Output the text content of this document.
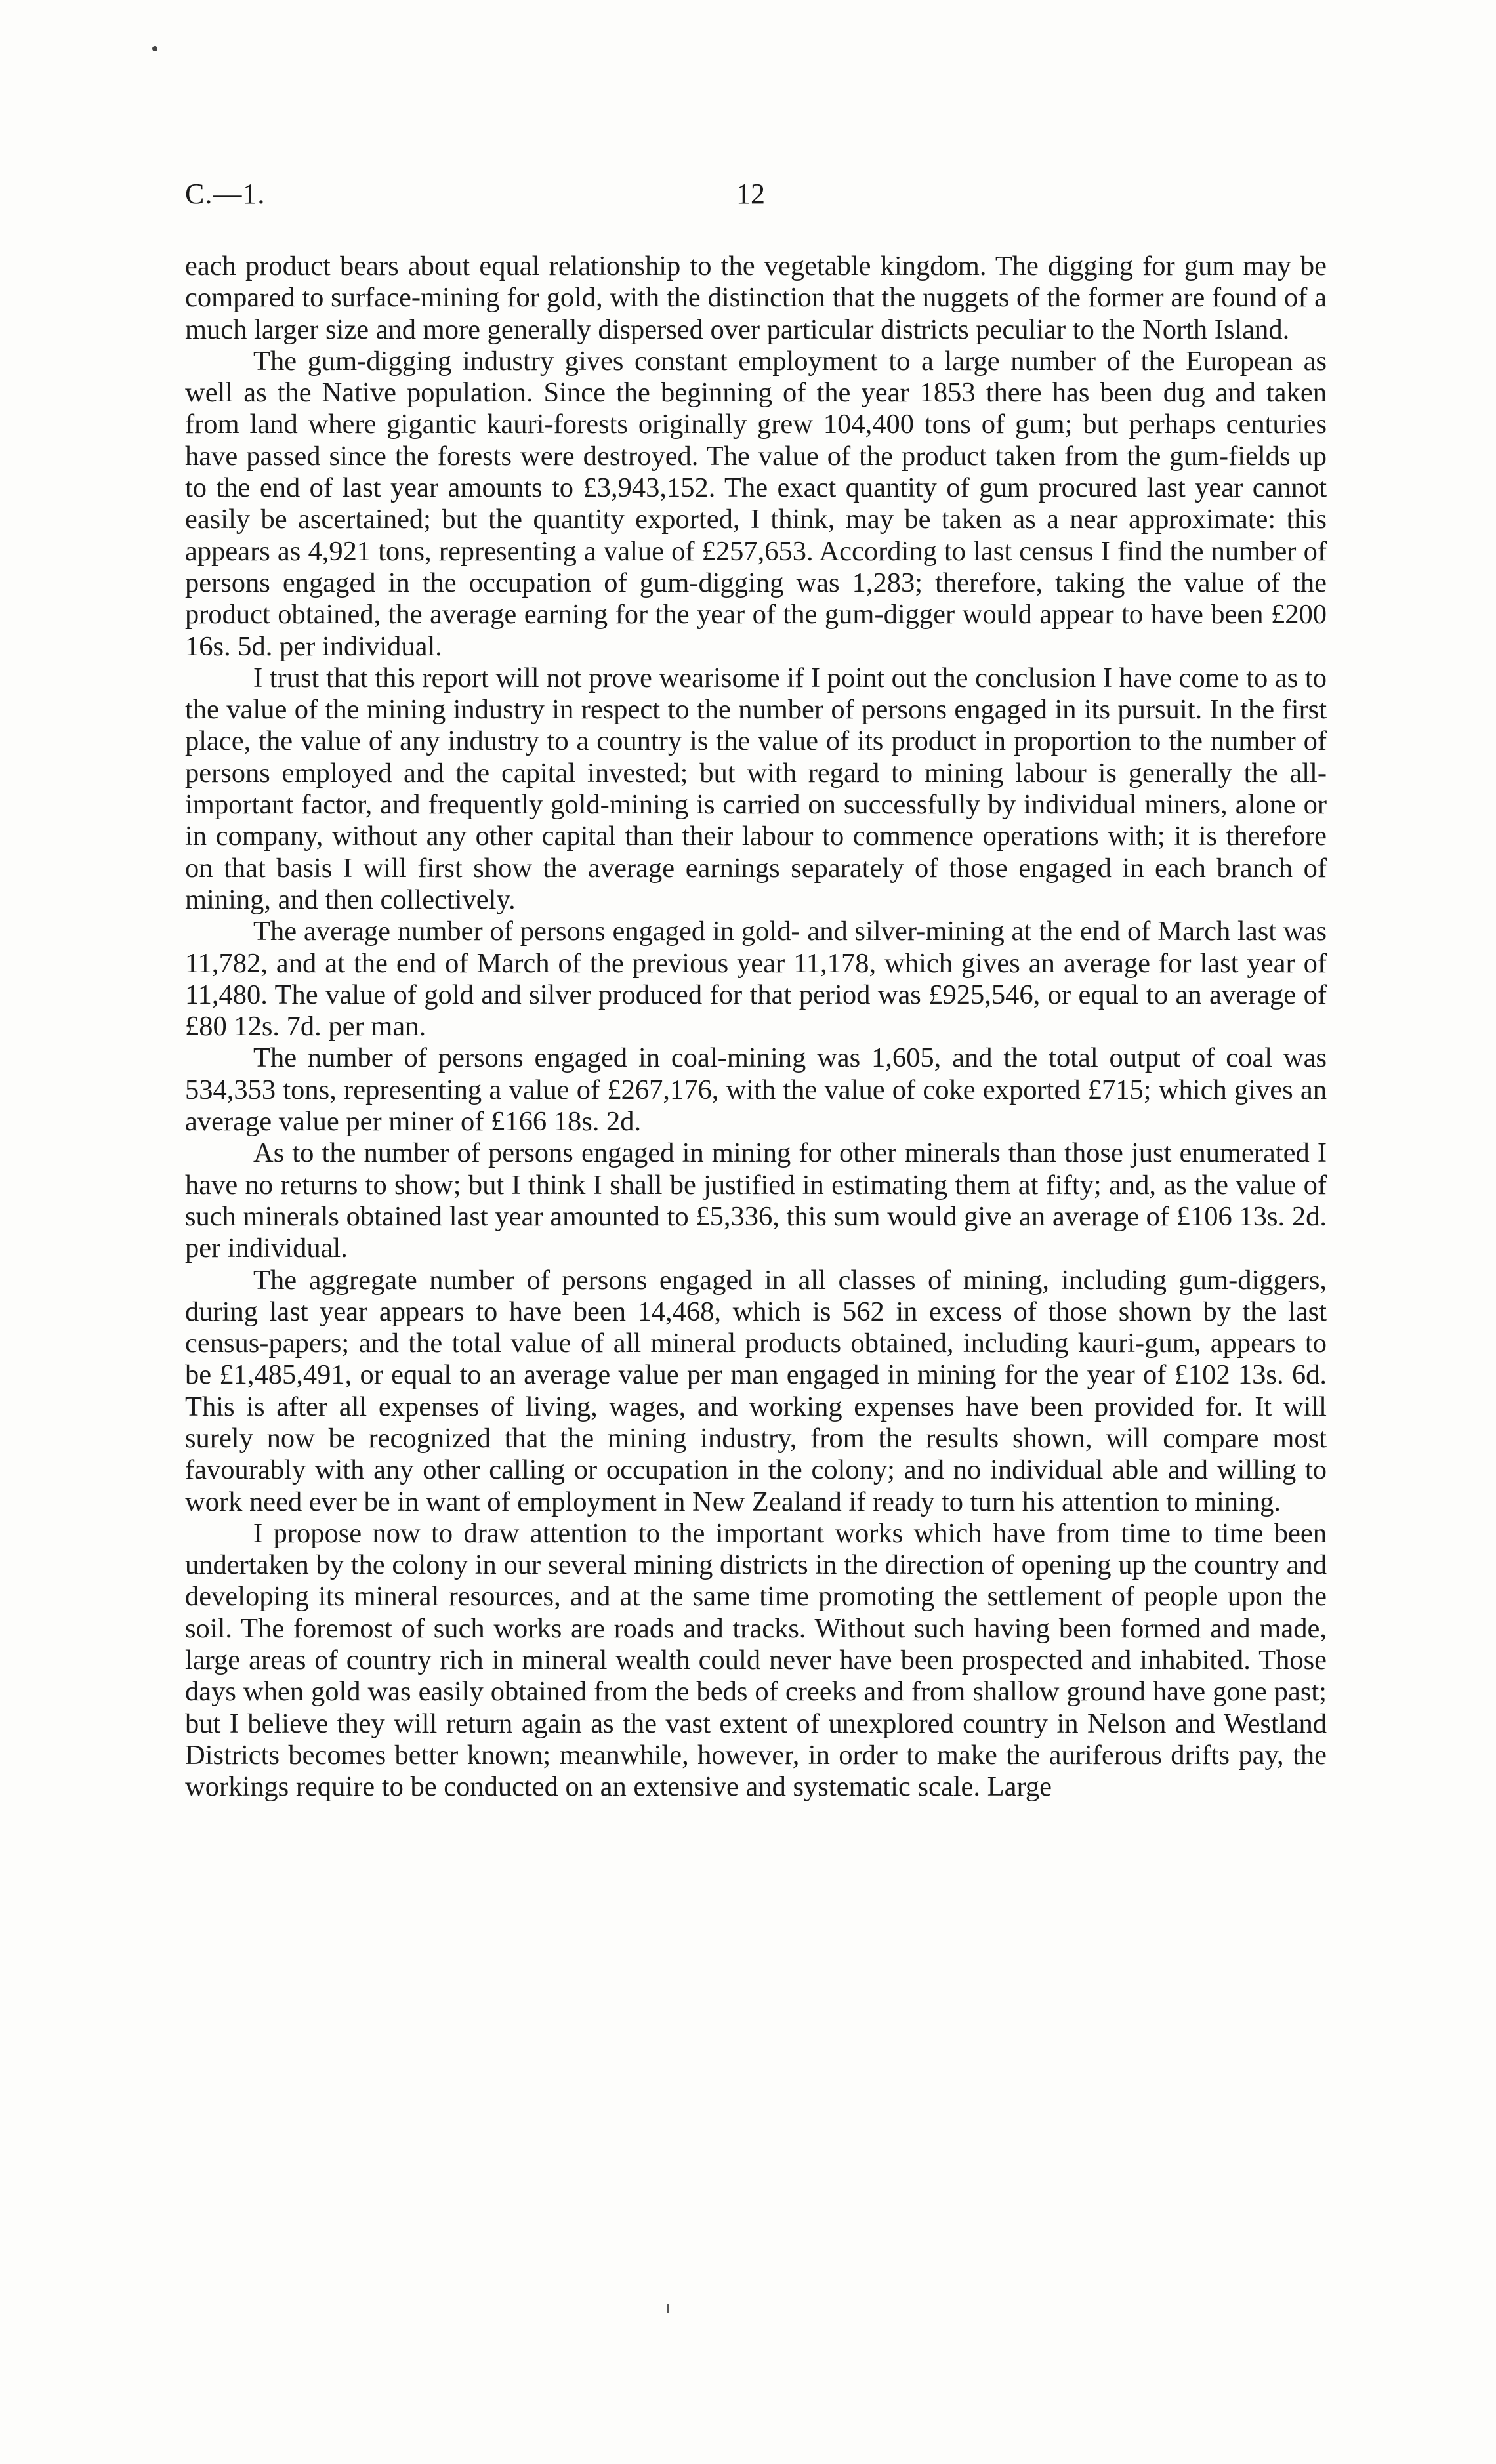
C.—1.	12

each product bears about equal relationship to the vegetable kingdom. The digging for gum may be compared to surface-mining for gold, with the distinction that the nuggets of the former are found of a much larger size and more generally dispersed over particular districts peculiar to the North Island.

The gum-digging industry gives constant employment to a large number of the European as well as the Native population. Since the beginning of the year 1853 there has been dug and taken from land where gigantic kauri-forests originally grew 104,400 tons of gum; but perhaps centuries have passed since the forests were destroyed. The value of the product taken from the gum-fields up to the end of last year amounts to £3,943,152. The exact quantity of gum procured last year cannot easily be ascertained; but the quantity exported, I think, may be taken as a near approximate: this appears as 4,921 tons, representing a value of £257,653. According to last census I find the number of persons engaged in the occupation of gum-digging was 1,283; therefore, taking the value of the product obtained, the average earning for the year of the gum-digger would appear to have been £200 16s. 5d. per individual.

I trust that this report will not prove wearisome if I point out the conclusion I have come to as to the value of the mining industry in respect to the number of persons engaged in its pursuit. In the first place, the value of any industry to a country is the value of its product in proportion to the number of persons employed and the capital invested; but with regard to mining labour is generally the all-important factor, and frequently gold-mining is carried on successfully by individual miners, alone or in company, without any other capital than their labour to commence operations with; it is therefore on that basis I will first show the average earnings separately of those engaged in each branch of mining, and then collectively.

The average number of persons engaged in gold- and silver-mining at the end of March last was 11,782, and at the end of March of the previous year 11,178, which gives an average for last year of 11,480. The value of gold and silver produced for that period was £925,546, or equal to an average of £80 12s. 7d. per man.

The number of persons engaged in coal-mining was 1,605, and the total output of coal was 534,353 tons, representing a value of £267,176, with the value of coke exported £715; which gives an average value per miner of £166 18s. 2d.

As to the number of persons engaged in mining for other minerals than those just enumerated I have no returns to show; but I think I shall be justified in estimating them at fifty; and, as the value of such minerals obtained last year amounted to £5,336, this sum would give an average of £106 13s. 2d. per individual.

The aggregate number of persons engaged in all classes of mining, including gum-diggers, during last year appears to have been 14,468, which is 562 in excess of those shown by the last census-papers; and the total value of all mineral products obtained, including kauri-gum, appears to be £1,485,491, or equal to an average value per man engaged in mining for the year of £102 13s. 6d. This is after all expenses of living, wages, and working expenses have been provided for. It will surely now be recognized that the mining industry, from the results shown, will compare most favourably with any other calling or occupation in the colony; and no individual able and willing to work need ever be in want of employment in New Zealand if ready to turn his attention to mining.

I propose now to draw attention to the important works which have from time to time been undertaken by the colony in our several mining districts in the direction of opening up the country and developing its mineral resources, and at the same time promoting the settlement of people upon the soil. The foremost of such works are roads and tracks. Without such having been formed and made, large areas of country rich in mineral wealth could never have been prospected and inhabited. Those days when gold was easily obtained from the beds of creeks and from shallow ground have gone past; but I believe they will return again as the vast extent of unexplored country in Nelson and Westland Districts becomes better known; meanwhile, however, in order to make the auriferous drifts pay, the workings require to be conducted on an extensive and systematic scale. Large
